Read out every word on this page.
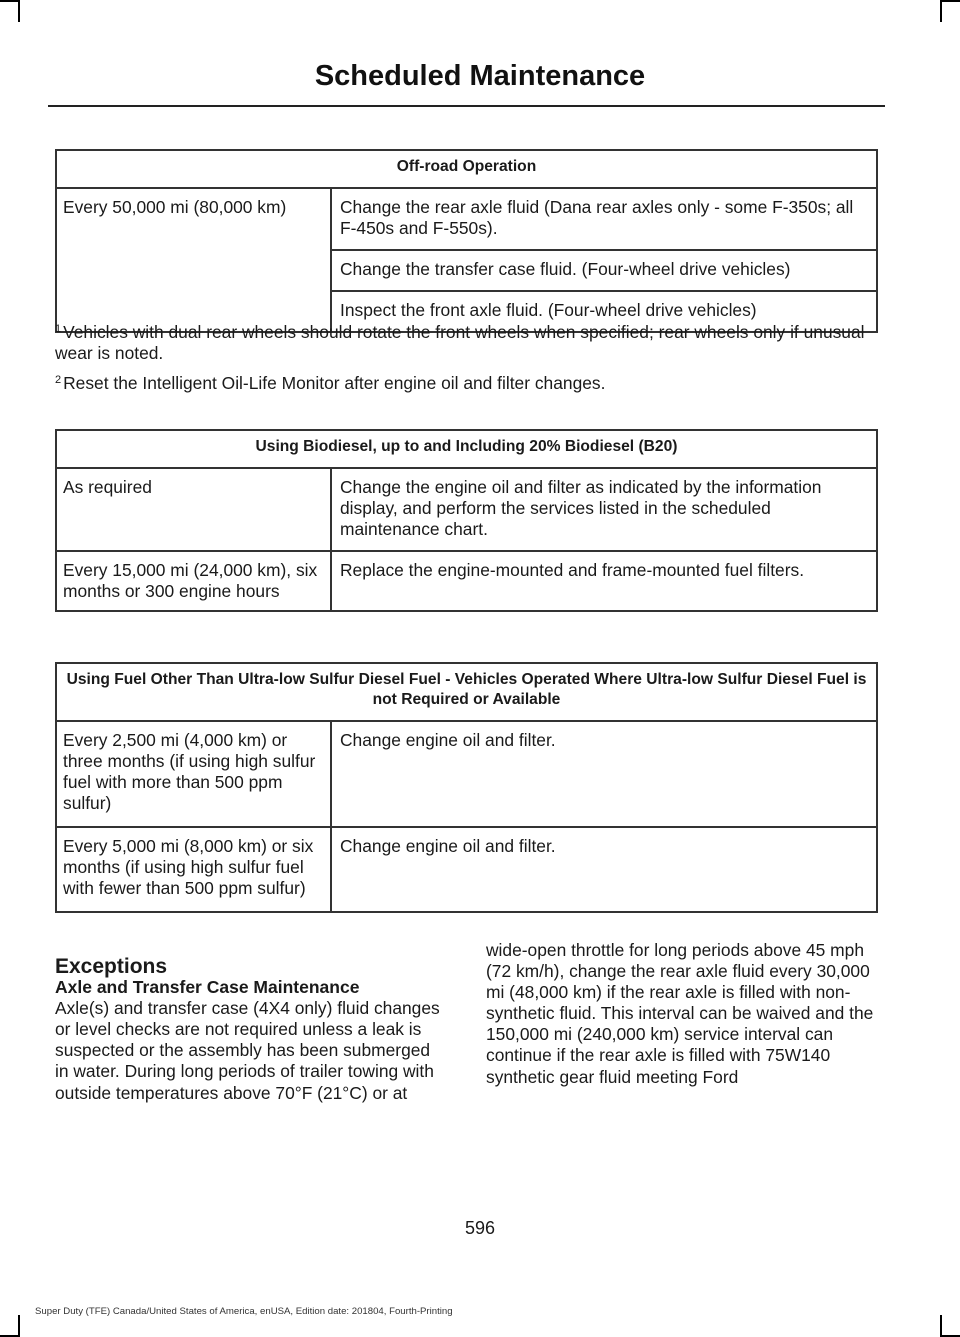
Scheduled Maintenance
Off-road Operation
Every 50,000 mi (80,000 km)	Change the rear axle fluid (Dana rear axles only - some F-350s; all F-450s and F-550s).
Change the transfer case fluid. (Four-wheel drive vehicles)
Inspect the front axle fluid. (Four-wheel drive vehicles)

$^1$ Vehicles with dual rear wheels should rotate the front wheels when specified; rear wheels only if unusual wear is noted.

$^2$ Reset the Intelligent Oil-Life Monitor after engine oil and filter changes.

Using Biodiesel, up to and Including 20% Biodiesel (B20)	
As required	Change the engine oil and filter as indicated by the information display, and perform the services listed in the scheduled maintenance chart.
Every 15,000 mi (24,000 km), six months or 300 engine hours	Replace the engine-mounted and frame-mounted fuel filters.
Using Fuel Other Than Ultra-low Sulfur Diesel Fuel - Vehicles Operated Where Ultra-low Sulfur Diesel Fuel is not Required or Available	
Every 2,500 mi (4,000 km) or three months (if using high sulfur fuel with more than 500 ppm sulfur)	Change engine oil and filter.
Every 5,000 mi (8,000 km) or six months (if using high sulfur fuel with fewer than 500 ppm sulfur)	Change engine oil and filter.

Exceptions

Axle and Transfer Case Maintenance

Axle(s) and transfer case (4X4 only) fluid changes or level checks are not required unless a leak is suspected or the assembly has been submerged in water. During long periods of trailer towing with outside temperatures above 70°F (21°C) or at

wide-open throttle for long periods above 45 mph (72 km/h), change the rear axle fluid every 30,000 mi (48,000 km) if the rear axle is filled with non-synthetic fluid. This interval can be waived and the 150,000 mi (240,000 km) service interval can continue if the rear axle is filled with 75W140 synthetic gear fluid meeting Ford

596
Super Duty (TFE) Canada/United States of America, enUSA, Edition date: 201804, Fourth-Printing
